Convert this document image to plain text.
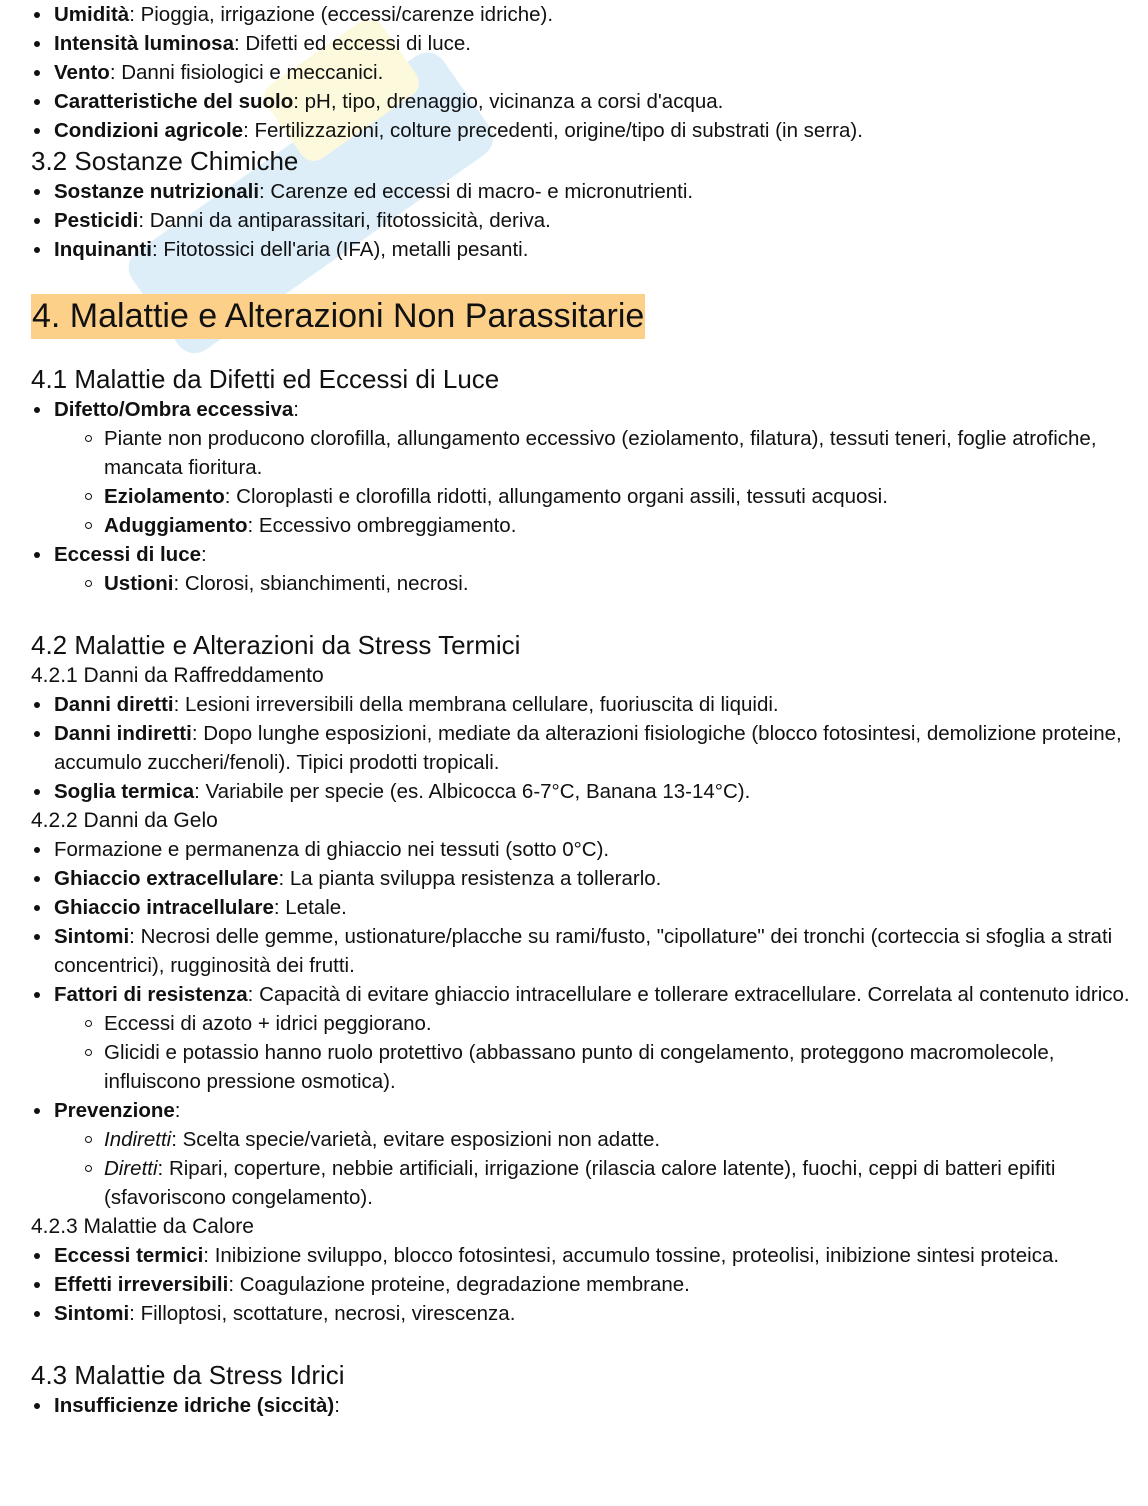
Umidità: Pioggia, irrigazione (eccessi/carenze idriche).
Intensità luminosa: Difetti ed eccessi di luce.
Vento: Danni fisiologici e meccanici.
Caratteristiche del suolo: pH, tipo, drenaggio, vicinanza a corsi d'acqua.
Condizioni agricole: Fertilizzazioni, colture precedenti, origine/tipo di substrati (in serra).
3.2 Sostanze Chimiche
Sostanze nutrizionali: Carenze ed eccessi di macro- e micronutrienti.
Pesticidi: Danni da antiparassitari, fitotossicità, deriva.
Inquinanti: Fitotossici dell'aria (IFA), metalli pesanti.
4. Malattie e Alterazioni Non Parassitarie
4.1 Malattie da Difetti ed Eccessi di Luce
Difetto/Ombra eccessiva:
Piante non producono clorofilla, allungamento eccessivo (eziolamento, filatura), tessuti teneri, foglie atrofiche, mancata fioritura.
Eziolamento: Cloroplasti e clorofilla ridotti, allungamento organi assili, tessuti acquosi.
Aduggiamento: Eccessivo ombreggiamento.
Eccessi di luce:
Ustioni: Clorosi, sbianchimenti, necrosi.
4.2 Malattie e Alterazioni da Stress Termici
4.2.1 Danni da Raffreddamento
Danni diretti: Lesioni irreversibili della membrana cellulare, fuoriuscita di liquidi.
Danni indiretti: Dopo lunghe esposizioni, mediate da alterazioni fisiologiche (blocco fotosintesi, demolizione proteine, accumulo zuccheri/fenoli). Tipici prodotti tropicali.
Soglia termica: Variabile per specie (es. Albicocca 6-7°C, Banana 13-14°C).
4.2.2 Danni da Gelo
Formazione e permanenza di ghiaccio nei tessuti (sotto 0°C).
Ghiaccio extracellulare: La pianta sviluppa resistenza a tollerarlo.
Ghiaccio intracellulare: Letale.
Sintomi: Necrosi delle gemme, ustionature/placche su rami/fusto, "cipollature" dei tronchi (corteccia si sfoglia a strati concentrici), rugginosità dei frutti.
Fattori di resistenza: Capacità di evitare ghiaccio intracellulare e tollerare extracellulare. Correlata al contenuto idrico.
Eccessi di azoto + idrici peggiorano.
Glicidi e potassio hanno ruolo protettivo (abbassano punto di congelamento, proteggono macromolecole, influiscono pressione osmotica).
Prevenzione:
Indiretti: Scelta specie/varietà, evitare esposizioni non adatte.
Diretti: Ripari, coperture, nebbie artificiali, irrigazione (rilascia calore latente), fuochi, ceppi di batteri epifiti (sfavoriscono congelamento).
4.2.3 Malattie da Calore
Eccessi termici: Inibizione sviluppo, blocco fotosintesi, accumulo tossine, proteolisi, inibizione sintesi proteica.
Effetti irreversibili: Coagulazione proteine, degradazione membrane.
Sintomi: Filloptosi, scottature, necrosi, virescenza.
4.3 Malattie da Stress Idrici
Insufficienze idriche (siccità):
